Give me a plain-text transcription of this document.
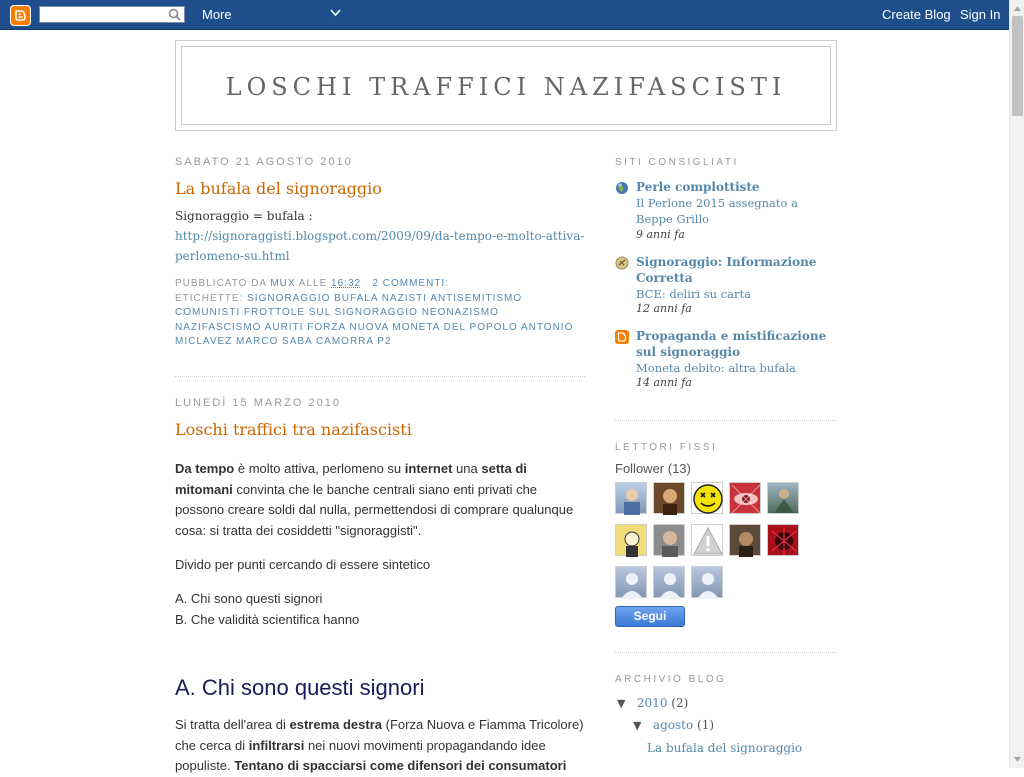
More	Create Blog Sign In
LOSCHI TRAFFICI NAZIFASCISTI
SABATO 21 AGOSTO 2010
La bufala del signoraggio
Signoraggio = bufala :
http://signoraggisti.blogspot.com/2009/09/da-tempo-e-molto-attiva-
perlomeno-su.html
PUBBLICATO DA MUX ALLE 16:32 2 COMMENTI:
ETICHETTE: SIGNORAGGIO BUFALA NAZISTI ANTISEMITISMO COMUNISTI FROTTOLE SUL SIGNORAGGIO NEONAZISMO NAZIFASCISMO AURITI FORZA NUOVA MONETA DEL POPOLO ANTONIO MICLAVEZ MARCO SABA CAMORRA P2
LUNEDÌ 15 MARZO 2010
Loschi traffici tra nazifascisti
Da tempo è molto attiva, perlomeno su internet una setta di mitomani convinta che le banche centrali siano enti privati che possono creare soldi dal nulla, permettendosi di comprare qualunque cosa: si tratta dei cosiddetti "signoraggisti".
Divido per punti cercando di essere sintetico
A. Chi sono questi signori
B. Che validità scientifica hanno
A. Chi sono questi signori
Si tratta dell'area di estrema destra (Forza Nuova e Fiamma Tricolore) che cerca di infiltrarsi nei nuovi movimenti propagandando idee populiste. Tentano di spacciarsi come difensori dei consumatori
SITI CONSIGLIATI
Perle complottiste
Il Perlone 2015 assegnato a Beppe Grillo
9 anni fa
Signoraggio: Informazione Corretta
BCE: deliri su carta
12 anni fa
Propaganda e mistificazione sul signoraggio
Moneta debito: altra bufala
14 anni fa
LETTORI FISSI
Follower (13)
Segui
ARCHIVIO BLOG
▼ 2010 (2)
▼ agosto (1)
La bufala del signoraggio
